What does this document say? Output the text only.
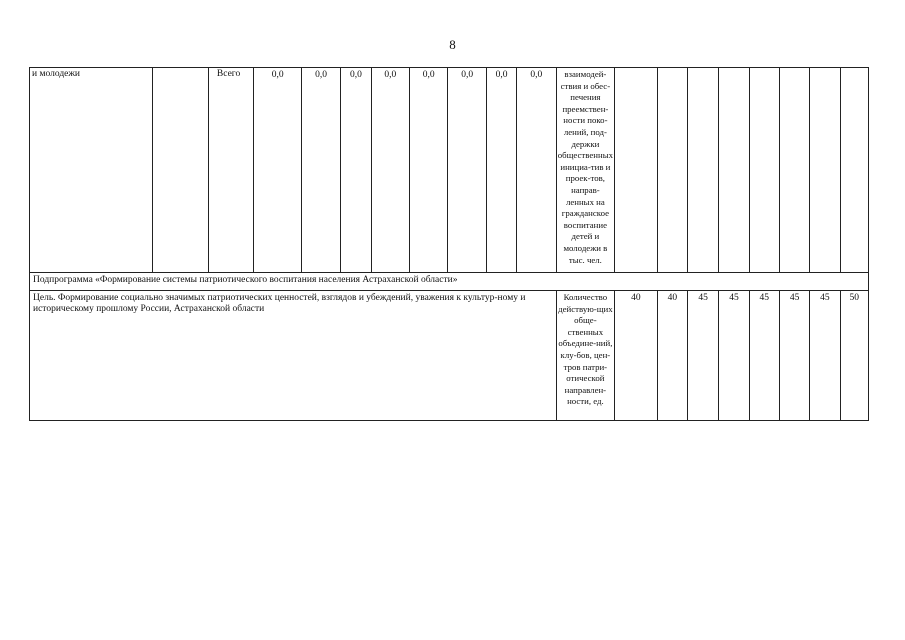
8
и молодежи		Всего	0,0	0,0	0,0	0,0	0,0	0,0	0,0	0,0	взаимодей-ствия и обес-печения преемствен-ности поко-лений, под-держки общественных инициа-тив и проек-тов, направ-ленных на гражданское воспитание детей и молодежи в тыс. чел.								
Подпрограмма «Формирование системы патриотического воспитания населения Астраханской области»																			
Цель. Формирование социально значимых патриотических ценностей, взглядов и убеждений, уважения к культур-ному и историческому прошлому России, Астраханской области											Количество действую-щих обще-ственных объедине-ний, клу-бов, цен-тров патри-отической направлен-ности, ед.	40	40	45	45	45	45	45	50
